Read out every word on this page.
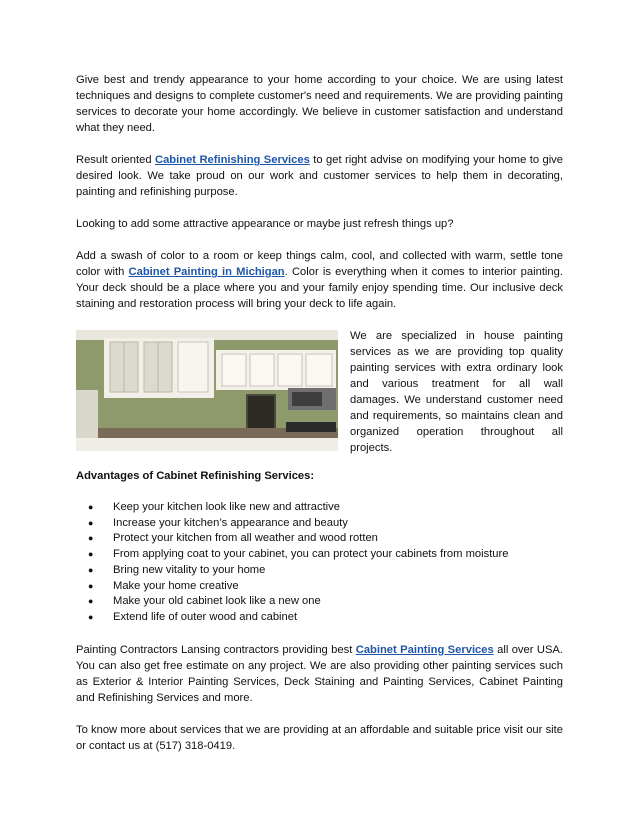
Give best and trendy appearance to your home according to your choice. We are using latest techniques and designs to complete customer's need and requirements. We are providing painting services to decorate your home accordingly. We believe in customer satisfaction and understand what they need.

Result oriented Cabinet Refinishing Services to get right advise on modifying your home to give desired look. We take proud on our work and customer services to help them in decorating, painting and refinishing purpose.

Looking to add some attractive appearance or maybe just refresh things up?

Add a swash of color to a room or keep things calm, cool, and collected with warm, settle tone color with Cabinet Painting in Michigan. Color is everything when it comes to interior painting. Your deck should be a place where you and your family enjoy spending time. Our inclusive deck staining and restoration process will bring your deck to life again.

We are specialized in house painting services as we are providing top quality painting services with extra ordinary look and various treatment for all wall damages. We understand customer need and requirements, so maintains clean and organized operation throughout all projects.
Advantages of Cabinet Refinishing Services:
● Keep your kitchen look like new and attractive
● Increase your kitchen’s appearance and beauty
● Protect your kitchen from all weather and wood rotten
● From applying coat to your cabinet, you can protect your cabinets from moisture
● Bring new vitality to your home
● Make your home creative
● Make your old cabinet look like a new one
● Extend life of outer wood and cabinet

Painting Contractors Lansing contractors providing best Cabinet Painting Services all over USA. You can also get free estimate on any project. We are also providing other painting services such as Exterior & Interior Painting Services, Deck Staining and Painting Services, Cabinet Painting and Refinishing Services and more.

To know more about services that we are providing at an affordable and suitable price visit our site or contact us at (517) 318-0419.
